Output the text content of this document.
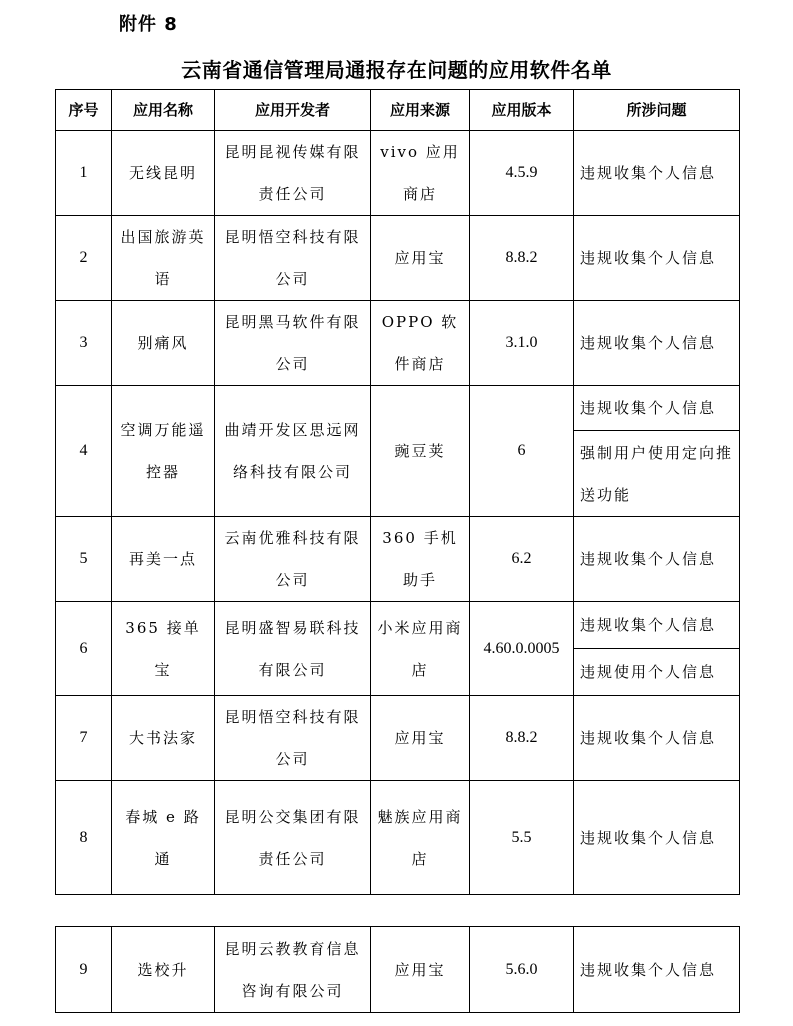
附件 8
云南省通信管理局通报存在问题的应用软件名单
序号	应用名称	应用开发者	应用来源	应用版本	所涉问题
1	无线昆明	昆明昆视传媒有限责任公司	vivo 应用商店	4.5.9	违规收集个人信息
2	出国旅游英语	昆明悟空科技有限公司	应用宝	8.8.2	违规收集个人信息
3	别痛风	昆明黑马软件有限公司	OPPO 软件商店	3.1.0	违规收集个人信息
4	空调万能遥控器	曲靖开发区思远网络科技有限公司	豌豆荚	6	违规收集个人信息
					强制用户使用定向推送功能
5	再美一点	云南优雅科技有限公司	360 手机助手	6.2	违规收集个人信息
6	365 接单宝	昆明盛智易联科技有限公司	小米应用商店	4.60.0.0005	违规收集个人信息
					违规使用个人信息
7	大书法家	昆明悟空科技有限公司	应用宝	8.8.2	违规收集个人信息
8	春城 e 路通	昆明公交集团有限责任公司	魅族应用商店	5.5	违规收集个人信息
9	选校升	昆明云教教育信息咨询有限公司	应用宝	5.6.0	违规收集个人信息
